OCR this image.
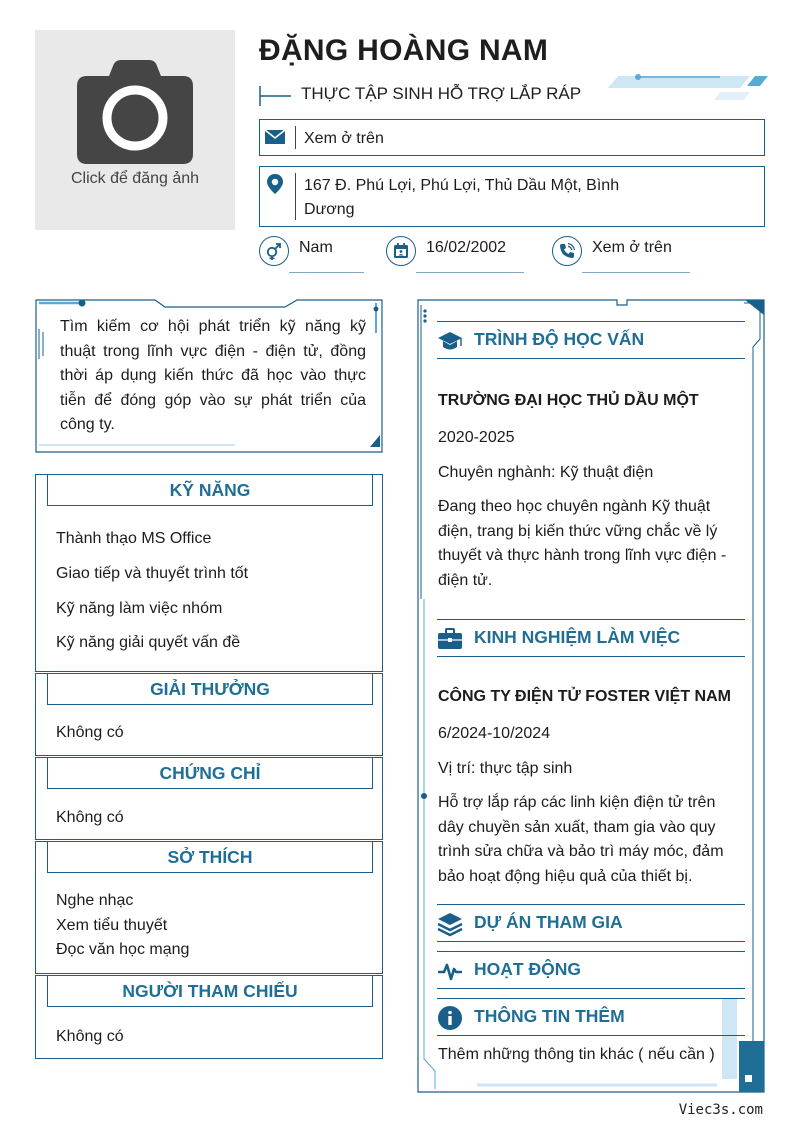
Click để đăng ảnh
ĐẶNG HOÀNG NAM
THỰC TẬP SINH HỖ TRỢ LẮP RÁP
Xem ở trên
167 Đ. Phú Lợi, Phú Lợi, Thủ Dầu Một, Bình
Dương
Nam	16/02/2002	Xem ở trên
Tìm kiếm cơ hội phát triển kỹ năng kỹ thuật trong lĩnh vực điện - điện tử, đồng thời áp dụng kiến thức đã học vào thực tiễn để đóng góp vào sự phát triển của công ty.
KỸ NĂNG
Thành thạo MS Office
Giao tiếp và thuyết trình tốt
Kỹ năng làm việc nhóm
Kỹ năng giải quyết vấn đề
GIẢI THƯỞNG
Không có
CHỨNG CHỈ
Không có
SỞ THÍCH
Nghe nhạc
Xem tiểu thuyết
Đọc văn học mạng
NGƯỜI THAM CHIẾU
Không có
TRÌNH ĐỘ HỌC VẤN
TRƯỜNG ĐẠI HỌC THỦ DẦU MỘT
2020-2025
Chuyên nghành: Kỹ thuật điện
Đang theo học chuyên ngành Kỹ thuật điện, trang bị kiến thức vững chắc về lý thuyết và thực hành trong lĩnh vực điện - điện tử.
KINH NGHIỆM LÀM VIỆC
CÔNG TY ĐIỆN TỬ FOSTER VIỆT NAM
6/2024-10/2024
Vị trí: thực tập sinh
Hỗ trợ lắp ráp các linh kiện điện tử trên dây chuyền sản xuất, tham gia vào quy trình sửa chữa và bảo trì máy móc, đảm bảo hoạt động hiệu quả của thiết bị.
DỰ ÁN THAM GIA
HOẠT ĐỘNG
THÔNG TIN THÊM
Thêm những thông tin khác ( nếu cần )
Viec3s.com
